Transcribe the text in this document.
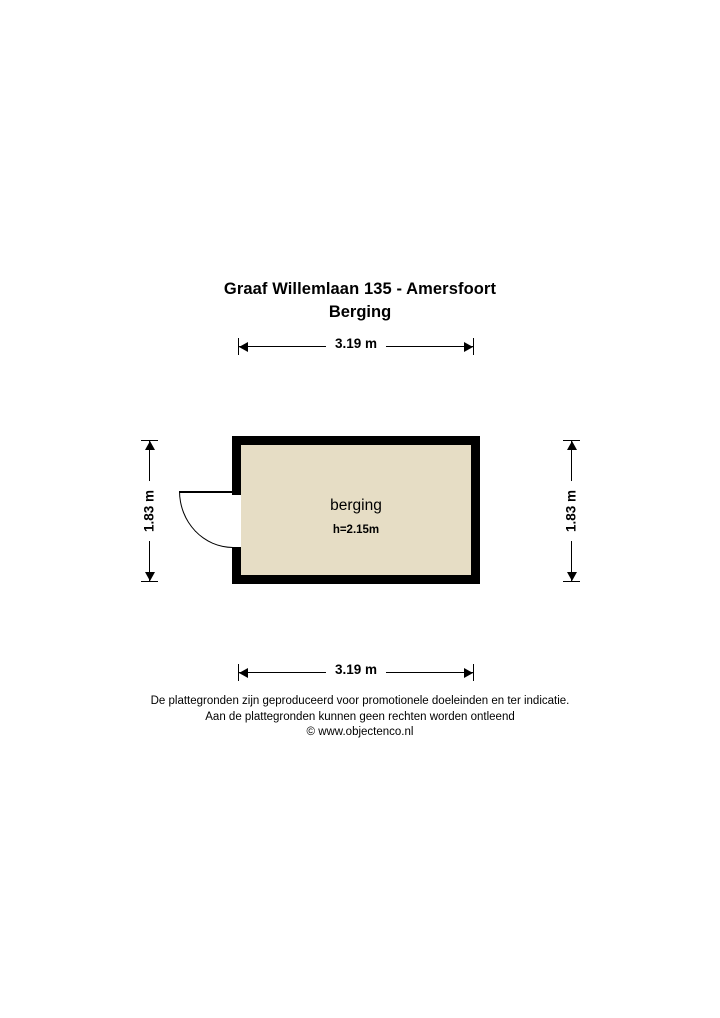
Graaf Willemlaan 135 - Amersfoort
Berging
3.19 m
1.83 m	1.83 m
berging
h=2.15m
3.19 m
De plattegronden zijn geproduceerd voor promotionele doeleinden en ter indicatie.
Aan de plattegronden kunnen geen rechten worden ontleend
© www.objectenco.nl
